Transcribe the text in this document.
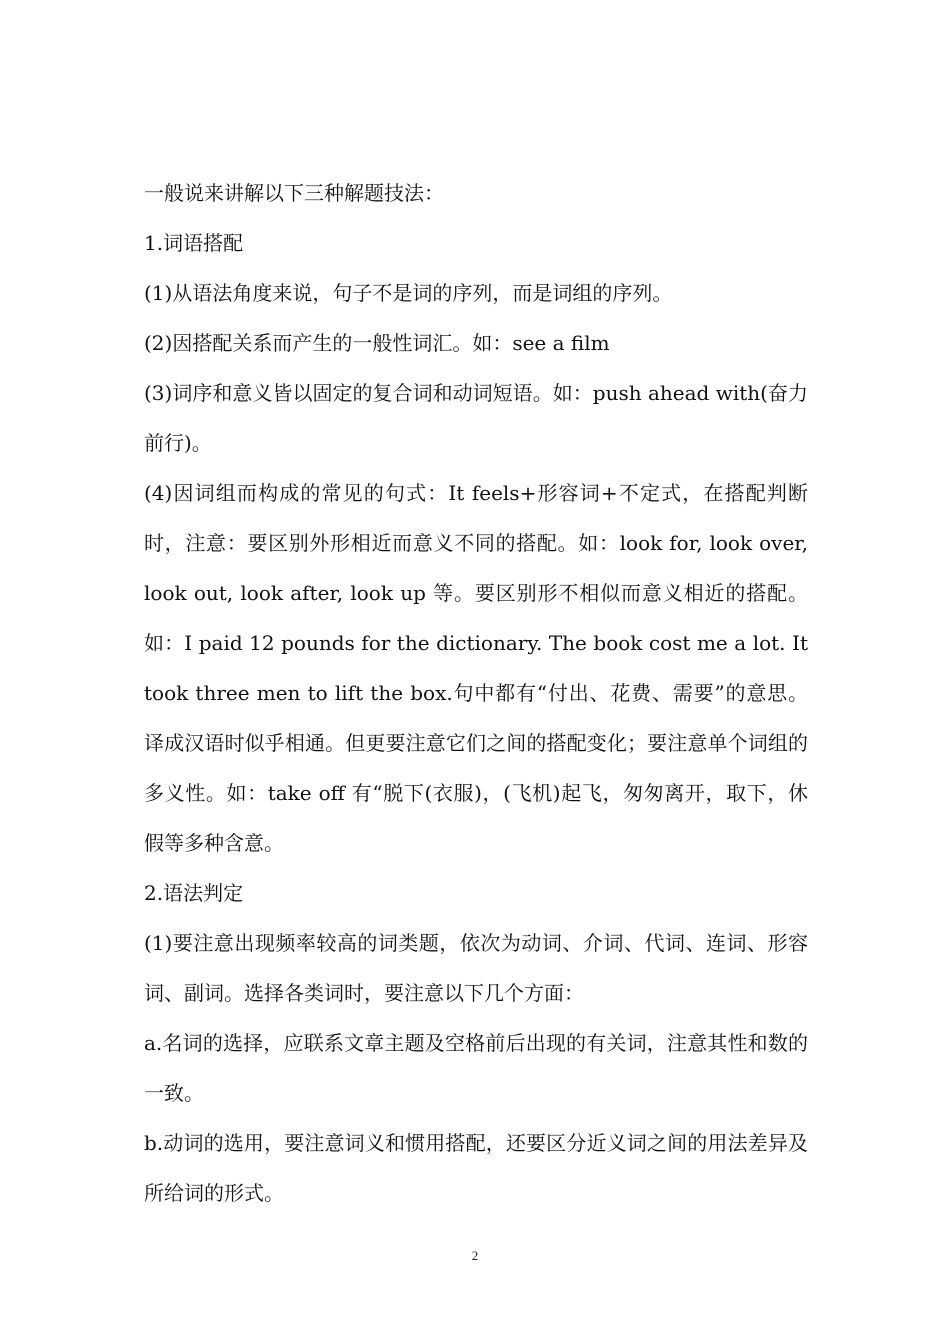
一般说来讲解以下三种解题技法：

1.词语搭配

(1)从语法角度来说，句子不是词的序列，而是词组的序列。

(2)因搭配关系而产生的一般性词汇。如：see a film

(3)词序和意义皆以固定的复合词和动词短语。如：push ahead with(奋力前行)。

(4)因词组而构成的常见的句式：It feels+形容词+不定式，在搭配判断时，注意：要区别外形相近而意义不同的搭配。如：look for, look over, look out, look after, look up 等。要区别形不相似而意义相近的搭配。如：I paid 12 pounds for the dictionary. The book cost me a lot. It took three men to lift the box.句中都有“付出、花费、需要”的意思。译成汉语时似乎相通。但更要注意它们之间的搭配变化；要注意单个词组的多义性。如：take off 有“脱下(衣服)，(飞机)起飞，匆匆离开，取下，休假等多种含意。

2.语法判定

(1)要注意出现频率较高的词类题，依次为动词、介词、代词、连词、形容词、副词。选择各类词时，要注意以下几个方面：

a.名词的选择，应联系文章主题及空格前后出现的有关词，注意其性和数的一致。

b.动词的选用，要注意词义和惯用搭配，还要区分近义词之间的用法差异及所给词的形式。

2
